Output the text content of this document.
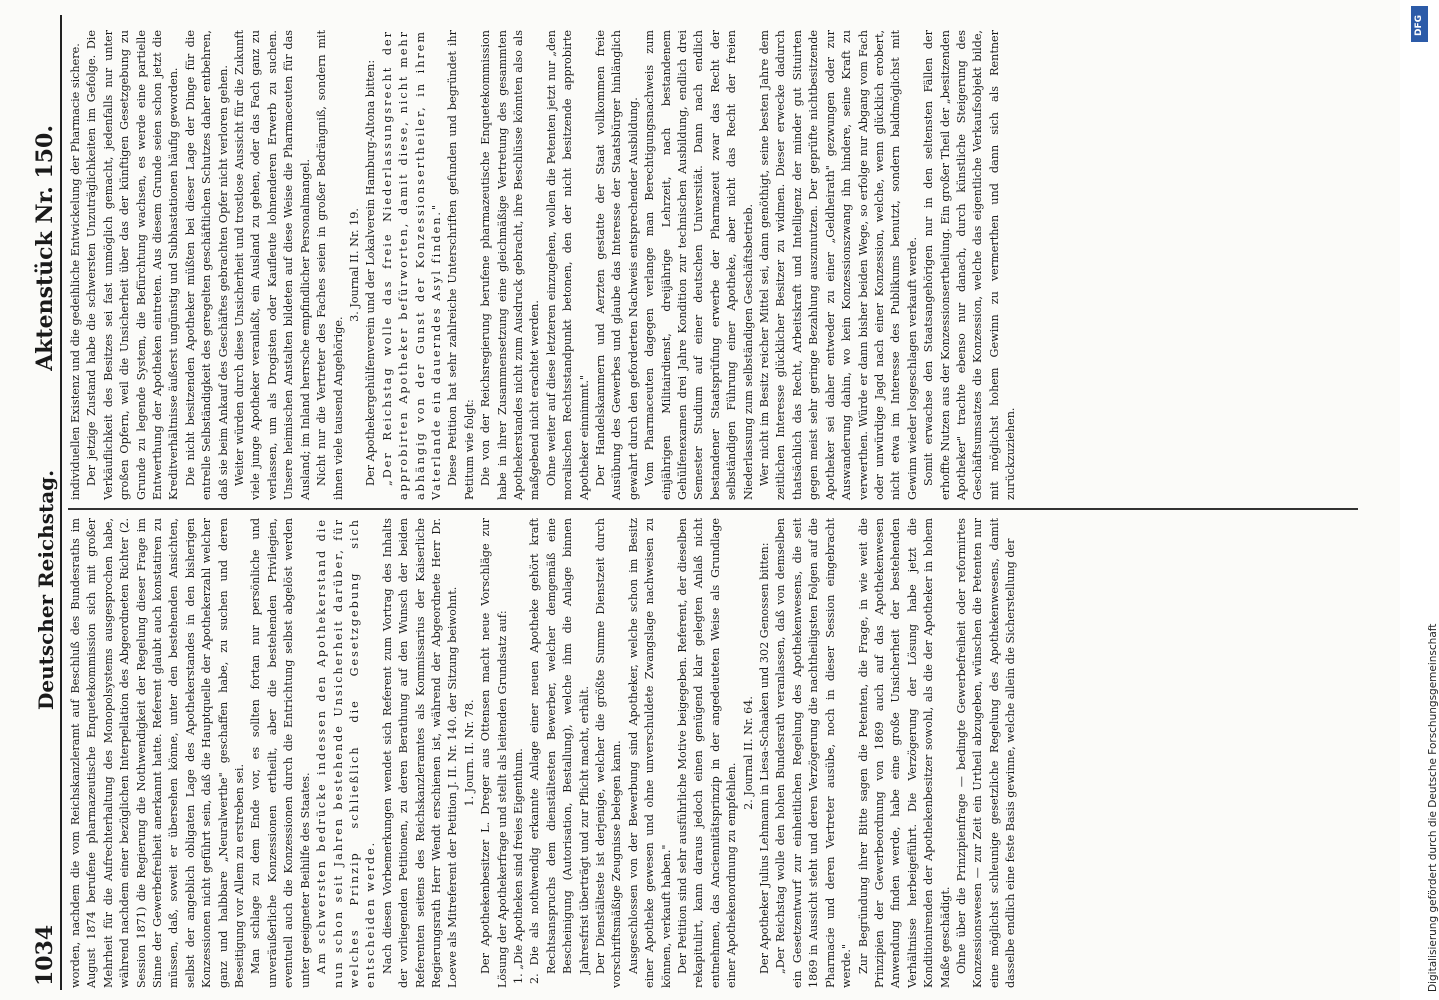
1034
Deutscher Reichstag.
Aktenstück Nr. 150.

worden, nachdem die vom Reichskanzleramt auf Beschluß des Bundesraths im August 1874 berufene pharmazeutische Enquetekommission sich mit großer Mehrheit für die Aufrechterhaltung des Monopolsystems ausgesprochen habe, während nachdem einer bezüglichen Interpellation des Abgeordneten Richter (2. Session 1871) die Regierung die Nothwendigkeit der Regelung dieser Frage im Sinne der Gewerbefreiheit anerkannt hatte. Referent glaubt auch konstatiren zu müssen, daß, soweit er übersehen könne, unter den bestehenden Ansichten, selbst der angeblich obligaten Lage des Apothekerstandes in den bisherigen Konzessionen nicht geführt sein, daß die Hauptquelle der Apothekerzahl welcher ganz und halbbare „Neuralwerthe" geschaffen habe, zu suchen und deren Beseitigung vor Allem zu erstreben sei. Man schlage zu dem Ende vor, es sollten fortan nur persönliche und unveräußerliche Konzessionen ertheilt, aber die bestehenden Privilegien, eventuell auch die Konzessionen durch die Entrichtung selbst abgelöst werden unter geeigneter Beihilfe des Staates. Am schwersten bedrücke indessen den Apothekerstand die nun schon seit Jahren bestehende Unsicherheit darüber, für welches Prinzip schließlich die Gesetzgebung sich entscheiden werde. Nach diesen Vorbemerkungen wendet sich Referent zum Vortrag des Inhalts der vorliegenden Petitionen, zu deren Berathung auf den Wunsch der beiden Referenten seitens des Reichskanzleramtes als Kommissarius der Kaiserliche Regierungsrath Herr Wendt erschienen ist, während der Abgeordnete Herr Dr. Loewe als Mitreferent der Petition J. II. Nr. 140. der Sitzung beiwohnt. 1. Journ. II. Nr. 78. Der Apothekenbesitzer L. Dreger aus Ottensen macht neue Vorschläge zur Lösung der Apothekerfrage und stellt als leitenden Grundsatz auf: 1. „Die Apotheken sind freies Eigenthum. 2. Die als nothwendig erkannte Anlage einer neuen Apotheke gehört kraft Rechtsanspruchs dem dienstältesten Bewerber, welcher demgemäß eine Bescheinigung (Autorisation, Bestallung), welche ihm die Anlage binnen Jahresfrist überträgt und zur Pflicht macht, erhält. Der Dienstälteste ist derjenige, welcher die größte Summe Dienstzeit durch vorschriftsmäßige Zeugnisse belegen kann. Ausgeschlossen von der Bewerbung sind Apotheker, welche schon im Besitz einer Apotheke gewesen und ohne unverschuldete Zwangslage nachweisen zu können, verkauft haben." Der Petition sind sehr ausführliche Motive beigegeben. Referent, der dieselben rekapitulirt, kann daraus jedoch einen genügend klar gelegten Anlaß nicht entnehmen, das Anciennitätsprinzip in der angedeuteten Weise als Grundlage einer Apothekenordnung zu empfehlen.

2. Journal II. Nr. 64. Der Apotheker Julius Lehmann in Liesa-Schaaken und 302 Genossen bitten: „Der Reichstag wolle den hohen Bundesrath veranlassen, daß von demselben ein Gesetzentwurf zur einheitlichen Regelung des Apothekenwesens, die seit 1869 in Aussicht steht und deren Verzögerung die nachtheiligsten Folgen auf die Pharmacie und deren Vertreter ausübe, noch in dieser Session eingebracht werde." Zur Begründung ihrer Bitte sagen die Petenten, die Frage, in wie weit die Prinzipien der Gewerbeordnung von 1869 auch auf das Apothekenwesen Anwendung finden werde, habe eine große Unsicherheit der bestehenden Verhältnisse herbeigeführt. Die Verzögerung der Lösung habe jetzt die Konditionirenden der Apothekenbesitzer sowohl, als die der Apotheker in hohem Maße geschädigt. Ohne über die Prinzipienfrage — bedingte Gewerbefreiheit oder reformirtes Konzessionswesen — zur Zeit ein Urtheil abzugeben, wünschen die Petenten nur eine möglichst schleunige gesetzliche Regelung des Apothekenwesens, damit dasselbe endlich eine feste Basis gewinne, welche allein die Sicherstellung der

individuellen Existenz und die gedeihliche Entwickelung der Pharmacie sichere. Der jetzige Zustand habe die schwersten Unzuträglichkeiten im Gefolge. Die Verkäuflichkeit des Besitzes sei fast unmöglich gemacht, jedenfalls nur unter großen Opfern, weil die Unsicherheit über das der künftigen Gesetzgebung zu Grunde zu legende System, die Befürchtung wachsen, es werde eine partielle Entwerthung der Apotheken eintreten. Aus diesem Grunde seien schon jetzt die Kreditverhältnisse äußerst ungünstig und Subhastationen häufig geworden. Die nicht besitzenden Apotheker müßten bei dieser Lage der Dinge für die entrelle Selbständigkeit des geregelten geschäftlichen Schutzes daher entbehren, daß sie beim Ankauf des Geschäftes gebrachten Opfer nicht verloren gehen. Weiter würden durch diese Unsicherheit und trostlose Aussicht für die Zukunft viele junge Apotheker veranlaßt, ein Ausland zu gehen, oder das Fach ganz zu verlassen, um als Drogisten oder Kaufleute lohnenderen Erwerb zu suchen. Unsere heimischen Anstalten bildeten auf diese Weise die Pharmaceuten für das Ausland; im Inland herrsche empfindlicher Personalmangel. Nicht nur die Vertreter des Faches seien in großer Bedrängniß, sondern mit ihnen viele tausend Angehörige.

3. Journal II. Nr. 19. Der Apothekergehülfenverein und der Lokalverein Hamburg-Altona bitten: „Der Reichstag wolle das freie Niederlassungsrecht der approbirten Apotheker befürworten, damit diese, nicht mehr abhängig von der Gunst der Konzessionsertheiler, in ihrem Vaterlande ein dauerndes Asyl finden." Diese Petition hat sehr zahlreiche Unterschriften gefunden und begründet ihr Petitum wie folgt: Die von der Reichsregierung berufene pharmazeutische Enquetekommission habe in ihrer Zusammensetzung eine gleichmäßige Vertretung des gesammten Apothekerstandes nicht zum Ausdruck gebracht, ihre Beschlüsse könnten also als maßgebend nicht erachtet werden. Ohne weiter auf diese letzteren einzugehen, wollen die Petenten jetzt nur „den moralischen Rechtsstandpunkt betonen, den der nicht besitzende approbirte Apotheker einnimmt." Der Handelskammern und Aerzten gestatte der Staat vollkommen freie Ausübung des Gewerbes und glaube das Interesse der Staatsbürger hinlänglich gewahrt durch den geforderten Nachweis entsprechender Ausbildung. Vom Pharmaceuten dagegen verlange man Berechtigungsnachweis zum einjährigen Militairdienst, dreijährige Lehrzeit, nach bestandenem Gehülfenexamen drei Jahre Kondition zur technischen Ausbildung, endlich drei Semester Studium auf einer deutschen Universität. Dann nach endlich bestandener Staatsprüfung erwerbe der Pharmazeut zwar das Recht der selbständigen Führung einer Apotheke, aber nicht das Recht der freien Niederlassung zum selbständigen Geschäftsbetrieb. Wer nicht im Besitz reicher Mittel sei, dann genöthigt, seine besten Jahre dem zeitlichen Interesse glücklicher Besitzer zu widmen. Dieser erwecke dadurch thatsächlich das Recht, Arbeitskraft und Intelligenz der minder gut Situirten gegen meist sehr geringe Bezahlung auszunutzen. Der geprüfte nichtbesitzende Apotheker sei daher entweder zu einer „Geldheirath" gezwungen oder zur Auswanderung dahin, wo kein Konzessionszwang ihn hindere, seine Kraft zu verwerthen. Würde er dann bisher beiden Wege, so erfolge nur Abgang vom Fach oder unwürdige Jagd nach einer Konzession, welche, wenn glücklich erobert, nicht etwa im Interesse des Publikums benutzt, sondern baldmöglichst mit Gewinn wieder losgeschlagen verkauft werde. Somit erwachse den Staatsangehörigen nur in den seltensten Fällen der erhoffte Nutzen aus der Konzessionsertheilung. Ein großer Theil der „besitzenden Apotheker" trachte ebenso nur danach, durch künstliche Steigerung des Geschäftsumsatzes die Konzession, welche das eigentliche Verkaufsobjekt bilde, mit möglichst hohem Gewinn zu vermerthen und dann sich als Rentner zurückzuziehen.

DFG
Digitalisierung gefördert durch die Deutsche Forschungsgemeinschaft
